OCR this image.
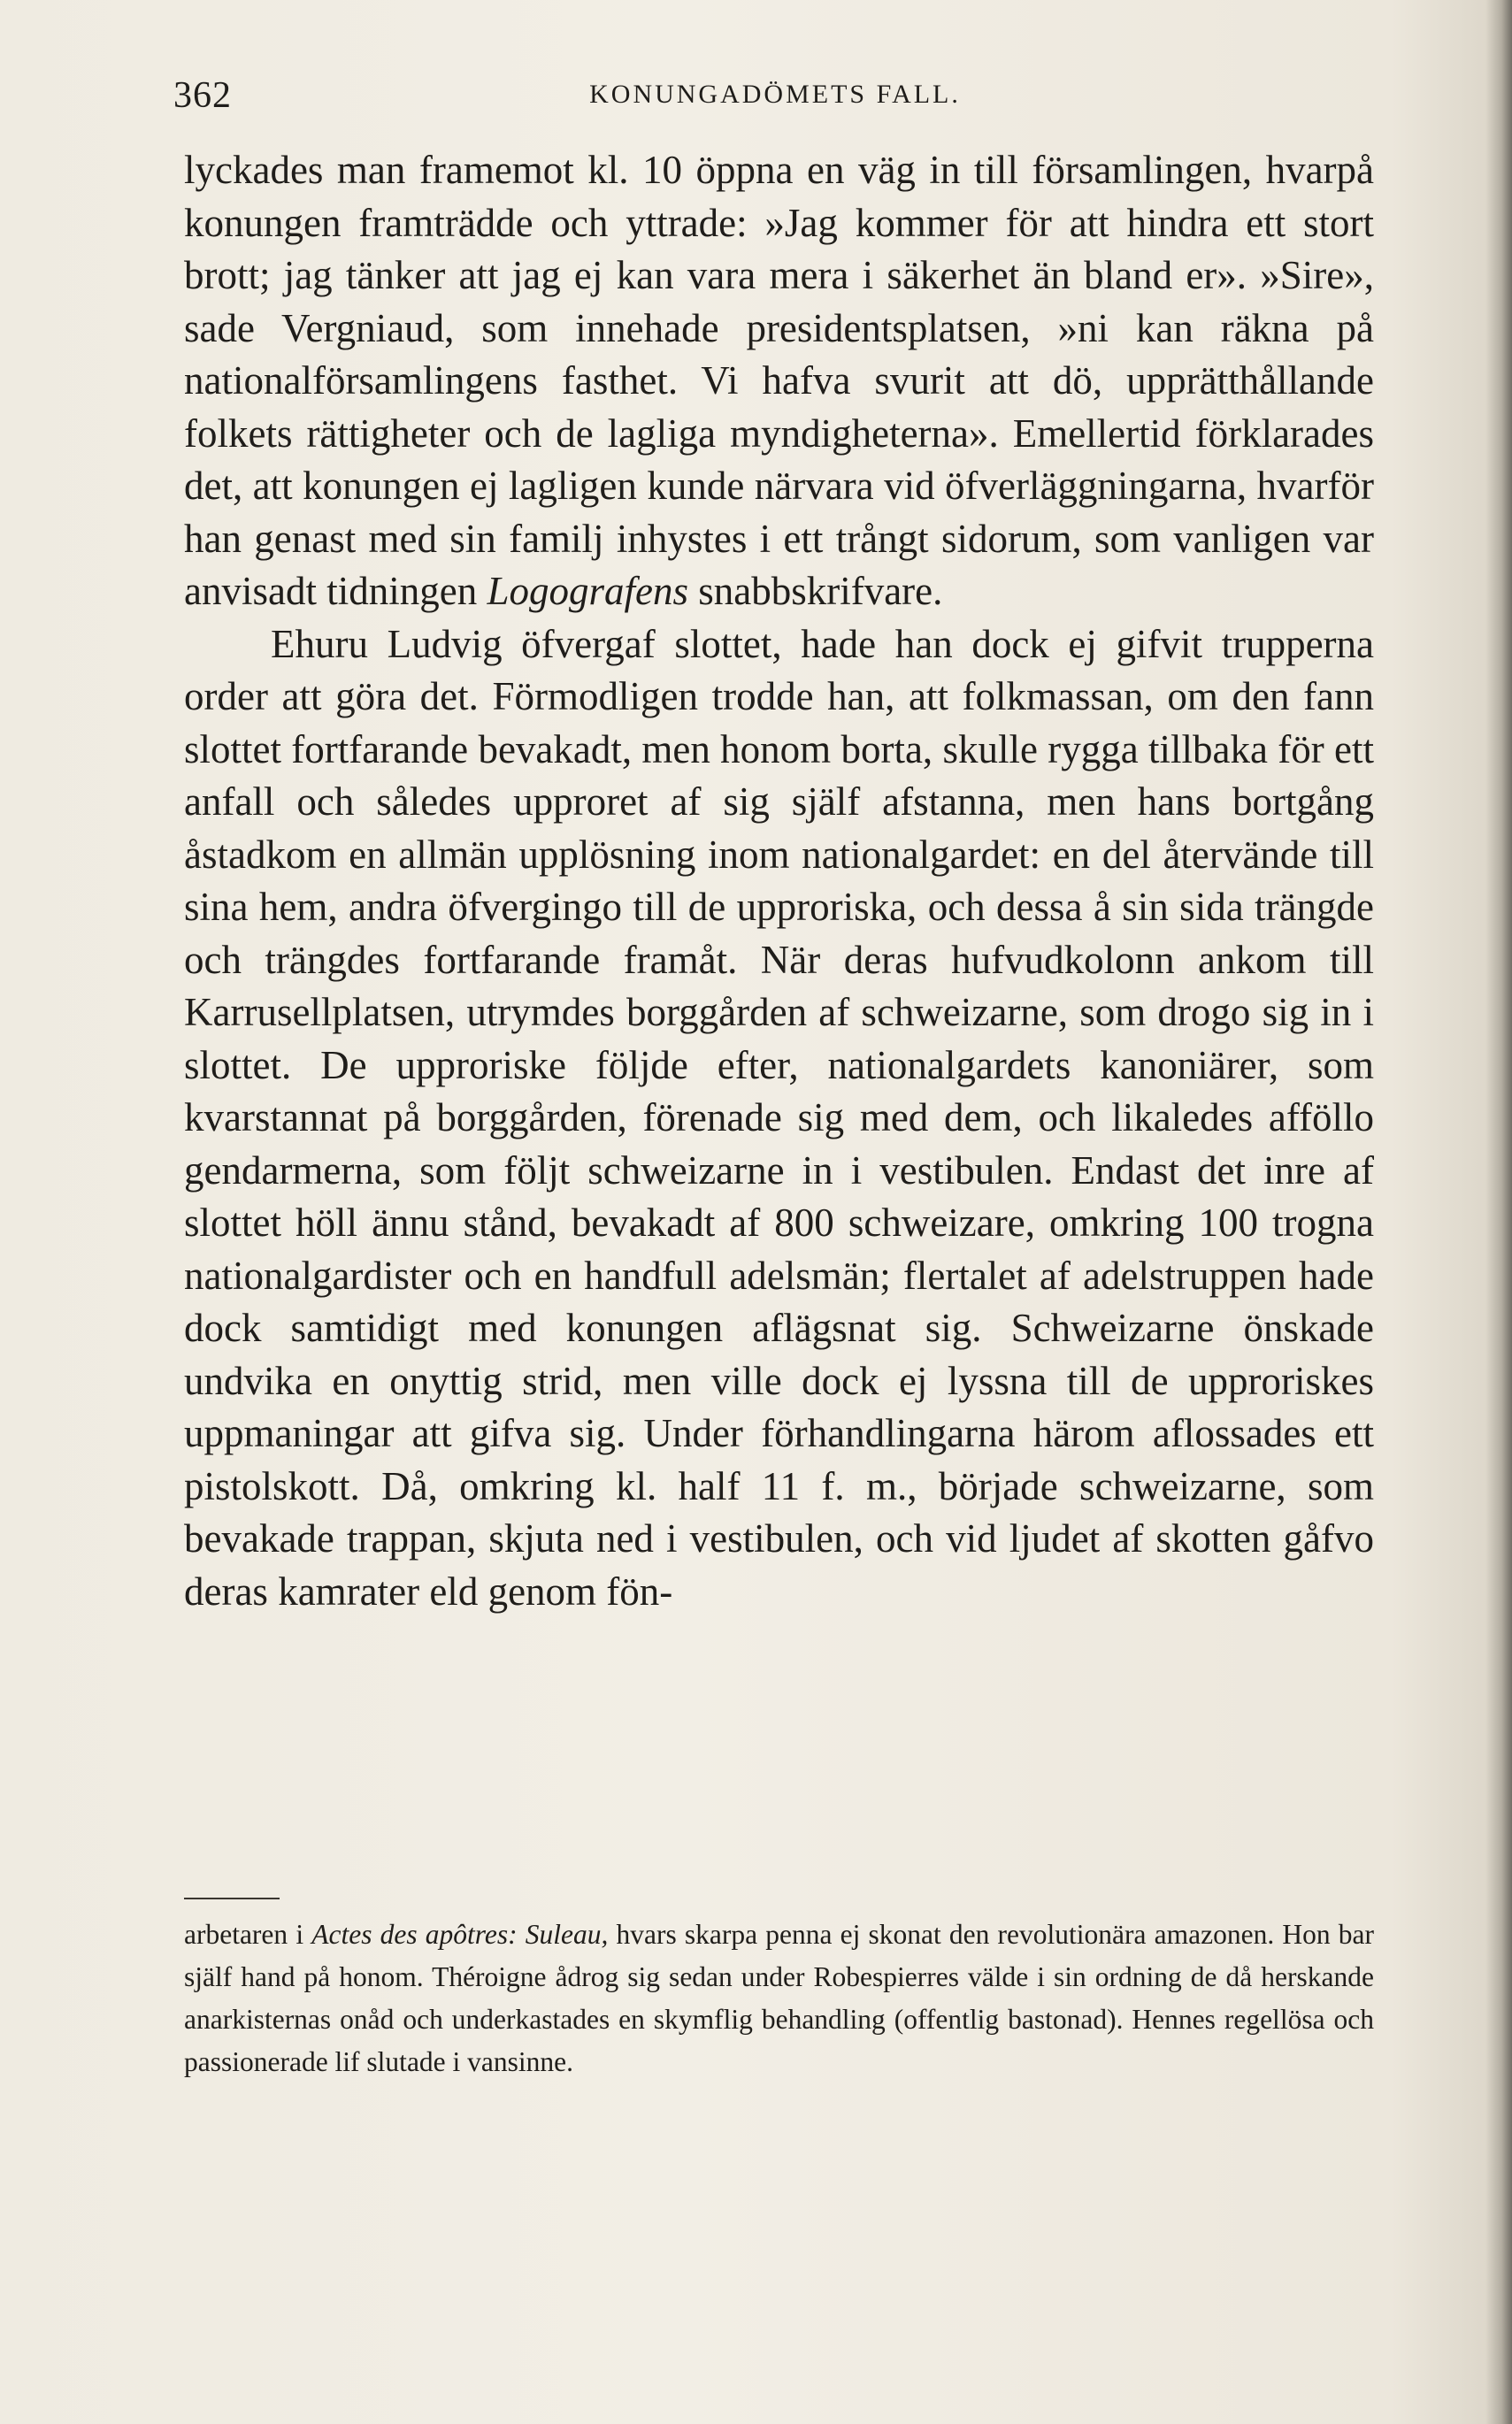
362	KONUNGADÖMETS FALL.

lyckades man framemot kl. 10 öppna en väg in till församlingen, hvarpå konungen framträdde och yttrade: »Jag kommer för att hindra ett stort brott; jag tänker att jag ej kan vara mera i säkerhet än bland er». »Sire», sade Vergniaud, som innehade presidentsplatsen, »ni kan räkna på nationalförsamlingens fasthet. Vi hafva svurit att dö, upprätthållande folkets rättigheter och de lagliga myndigheterna». Emellertid förklarades det, att konungen ej lagligen kunde närvara vid öfverläggningarna, hvarför han genast med sin familj inhystes i ett trångt sidorum, som vanligen var anvisadt tidningen Logografens snabbskrifvare.

Ehuru Ludvig öfvergaf slottet, hade han dock ej gifvit trupperna order att göra det. Förmodligen trodde han, att folkmassan, om den fann slottet fortfarande bevakadt, men honom borta, skulle rygga tillbaka för ett anfall och således upproret af sig själf afstanna, men hans bortgång åstadkom en allmän upplösning inom nationalgardet: en del återvände till sina hem, andra öfvergingo till de upproriska, och dessa å sin sida trängde och trängdes fortfarande framåt. När deras hufvudkolonn ankom till Karrusellplatsen, utrymdes borggården af schweizarne, som drogo sig in i slottet. De upproriske följde efter, nationalgardets kanoniärer, som kvarstannat på borggården, förenade sig med dem, och likaledes afföllo gendarmerna, som följt schweizarne in i vestibulen. Endast det inre af slottet höll ännu stånd, bevakadt af 800 schweizare, omkring 100 trogna nationalgardister och en handfull adelsmän; flertalet af adelstruppen hade dock samtidigt med konungen aflägsnat sig. Schweizarne önskade undvika en onyttig strid, men ville dock ej lyssna till de upproriskes uppmaningar att gifva sig. Under förhandlingarna härom aflossades ett pistolskott. Då, omkring kl. half 11 f. m., började schweizarne, som bevakade trappan, skjuta ned i vestibulen, och vid ljudet af skotten gåfvo deras kamrater eld genom fön-

arbetaren i Actes des apôtres: Suleau, hvars skarpa penna ej skonat den revolutionära amazonen. Hon bar själf hand på honom. Théroigne ådrog sig sedan under Robespierres välde i sin ordning de då herskande anarkisternas onåd och underkastades en skymflig behandling (offentlig bastonad). Hennes regellösa och passionerade lif slutade i vansinne.
